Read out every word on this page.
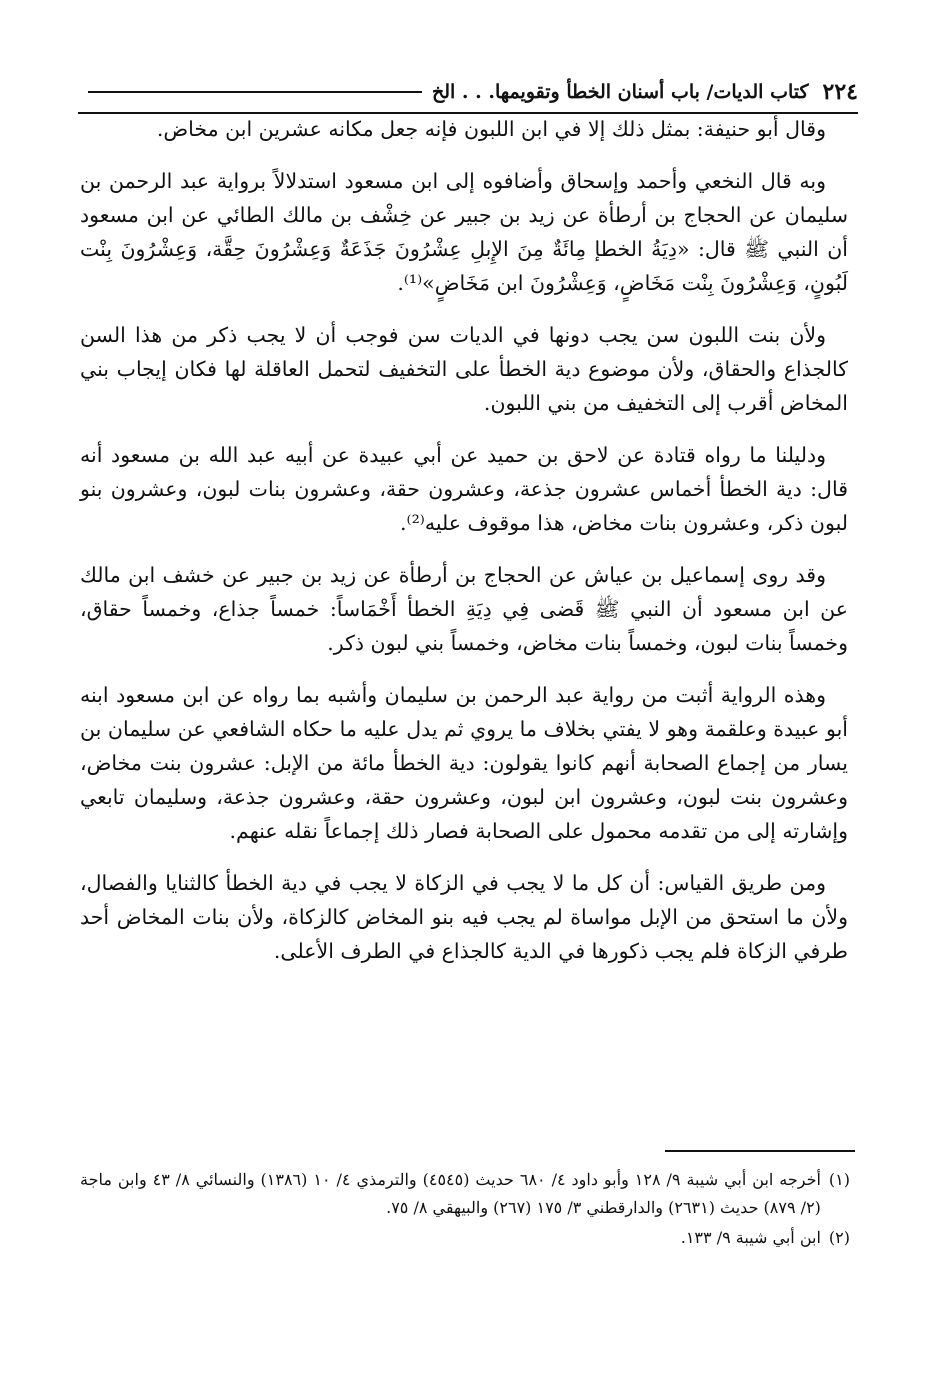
٢٢٤
كتاب الديات/ باب أسنان الخطأ وتقويمها. . . الخ

وقال أبو حنيفة: بمثل ذلك إلا في ابن اللبون فإنه جعل مكانه عشرين ابن مخاض.

وبه قال النخعي وأحمد وإسحاق وأضافوه إلى ابن مسعود استدلالاً برواية عبد الرحمن بن سليمان عن الحجاج بن أرطأة عن زيد بن جبير عن خِشْف بن مالك الطائي عن ابن مسعود أن النبي ﷺ قال: «دِيَةُ الخطإ مِائَةٌ مِنَ الإِبلِ عِشْرُونَ جَذَعَةٌ وَعِشْرُونَ حِقَّة، وَعِشْرُونَ بِنْت لَبُونٍ، وَعِشْرُونَ بِنْت مَخَاضٍ، وَعِشْرُونَ ابن مَخَاضٍ»⁽¹⁾.

ولأن بنت اللبون سن يجب دونها في الديات سن فوجب أن لا يجب ذكر من هذا السن كالجذاع والحقاق، ولأن موضوع دية الخطأ على التخفيف لتحمل العاقلة لها فكان إيجاب بني المخاض أقرب إلى التخفيف من بني اللبون.

ودليلنا ما رواه قتادة عن لاحق بن حميد عن أبي عبيدة عن أبيه عبد الله بن مسعود أنه قال: دية الخطأ أخماس عشرون جذعة، وعشرون حقة، وعشرون بنات لبون، وعشرون بنو لبون ذكر، وعشرون بنات مخاض، هذا موقوف عليه⁽²⁾.

وقد روى إسماعيل بن عياش عن الحجاج بن أرطأة عن زيد بن جبير عن خشف ابن مالك عن ابن مسعود أن النبي ﷺ قَضى فِي دِيَةِ الخطأ أَخْمَاساً: خمساً جذاع، وخمساً حقاق، وخمساً بنات لبون، وخمساً بنات مخاض، وخمساً بني لبون ذكر.

وهذه الرواية أثبت من رواية عبد الرحمن بن سليمان وأشبه بما رواه عن ابن مسعود ابنه أبو عبيدة وعلقمة وهو لا يفتي بخلاف ما يروي ثم يدل عليه ما حكاه الشافعي عن سليمان بن يسار من إجماع الصحابة أنهم كانوا يقولون: دية الخطأ مائة من الإبل: عشرون بنت مخاض، وعشرون بنت لبون، وعشرون ابن لبون، وعشرون حقة، وعشرون جذعة، وسليمان تابعي وإشارته إلى من تقدمه محمول على الصحابة فصار ذلك إجماعاً نقله عنهم.

ومن طريق القياس: أن كل ما لا يجب في الزكاة لا يجب في دية الخطأ كالثنايا والفصال، ولأن ما استحق من الإبل مواساة لم يجب فيه بنو المخاض كالزكاة، ولأن بنات المخاض أحد طرفي الزكاة فلم يجب ذكورها في الدية كالجذاع في الطرف الأعلى.

(١)
أخرجه ابن أبي شيبة ٩/ ١٢٨ وأبو داود ٤/ ٦٨٠ حديث (٤٥٤٥) والترمذي ٤/ ١٠ (١٣٨٦) والنسائي ٨/ ٤٣ وابن ماجة (٢/ ٨٧٩) حديث (٢٦٣١) والدارقطني ٣/ ١٧٥ (٢٦٧) والبيهقي ٨/ ٧٥.
(٢)
ابن أبي شيبة ٩/ ١٣٣.
